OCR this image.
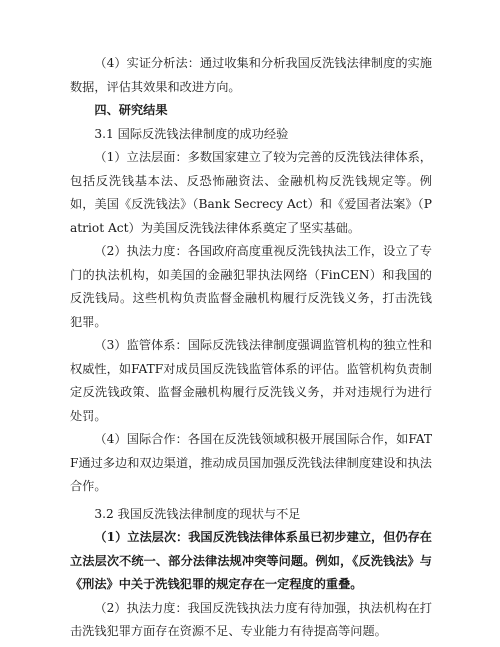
（4）实证分析法：通过收集和分析我国反洗钱法律制度的实施数据，评估其效果和改进方向。

四、研究结果

3.1 国际反洗钱法律制度的成功经验

（1）立法层面：多数国家建立了较为完善的反洗钱法律体系，包括反洗钱基本法、反恐怖融资法、金融机构反洗钱规定等。例如，美国《反洗钱法》（Bank Secrecy Act）和《爱国者法案》（Patriot Act）为美国反洗钱法律体系奠定了坚实基础。

（2）执法力度：各国政府高度重视反洗钱执法工作，设立了专门的执法机构，如美国的金融犯罪执法网络（FinCEN）和我国的反洗钱局。这些机构负责监督金融机构履行反洗钱义务，打击洗钱犯罪。

（3）监管体系：国际反洗钱法律制度强调监管机构的独立性和权威性，如FATF对成员国反洗钱监管体系的评估。监管机构负责制定反洗钱政策、监督金融机构履行反洗钱义务，并对违规行为进行处罚。

（4）国际合作：各国在反洗钱领域积极开展国际合作，如FATF通过多边和双边渠道，推动成员国加强反洗钱法律制度建设和执法合作。

3.2 我国反洗钱法律制度的现状与不足

（1）立法层次：我国反洗钱法律体系虽已初步建立，但仍存在立法层次不统一、部分法律法规冲突等问题。例如，《反洗钱法》与《刑法》中关于洗钱犯罪的规定存在一定程度的重叠。

（2）执法力度：我国反洗钱执法力度有待加强，执法机构在打击洗钱犯罪方面存在资源不足、专业能力有待提高等问题。
